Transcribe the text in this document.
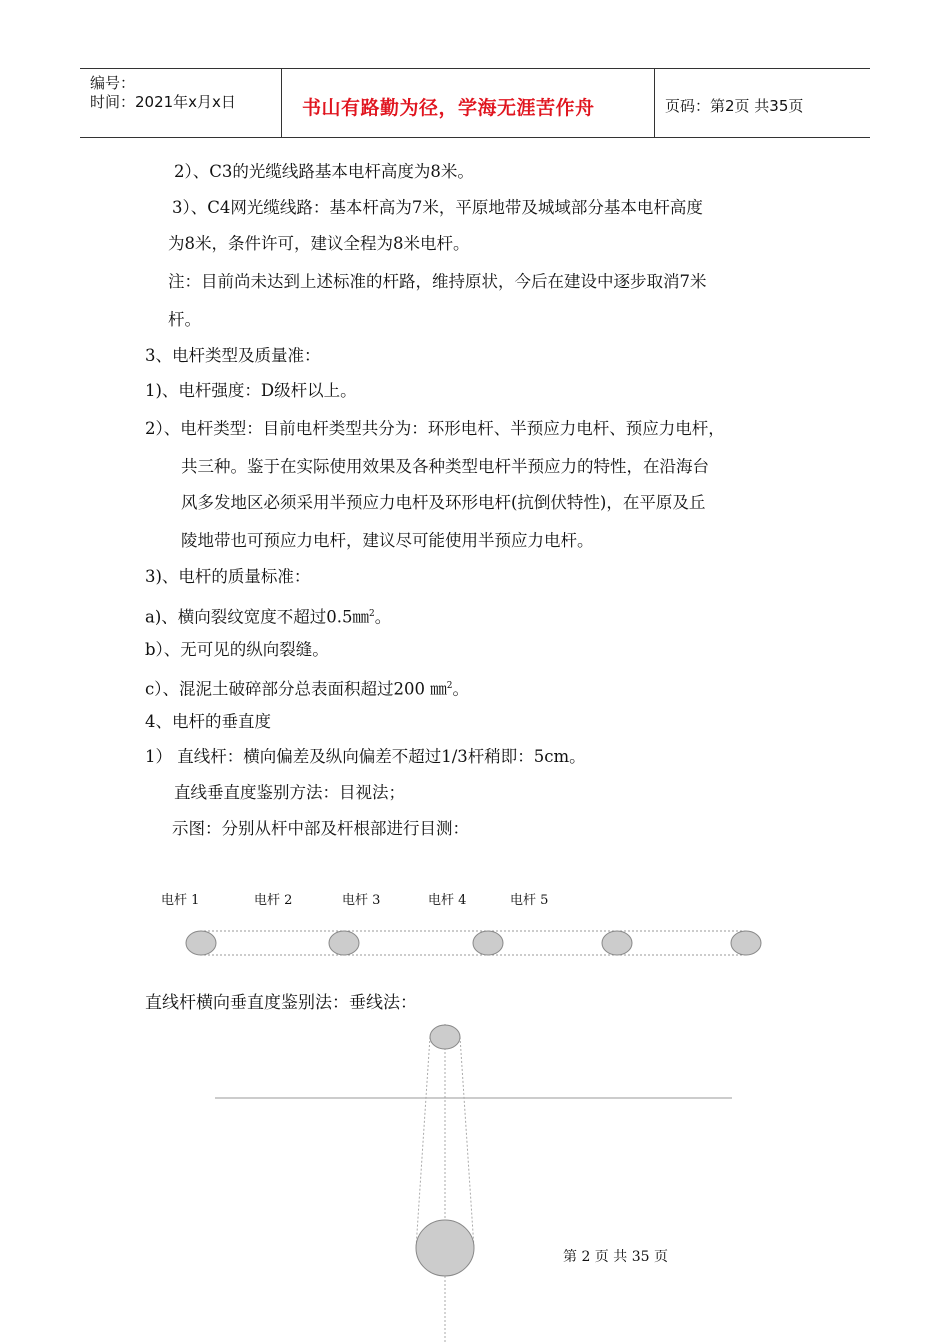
编号：
时间：2021年x月x日	书山有路勤为径，学海无涯苦作舟	页码：第2页 共35页
2）、C3的光缆线路基本电杆高度为8米。
3）、C4网光缆线路：基本杆高为7米，平原地带及城域部分基本电杆高度
为8米，条件许可，建议全程为8米电杆。
注：目前尚未达到上述标准的杆路，维持原状，今后在建设中逐步取消7米
杆。
3、电杆类型及质量准：
1)、电杆强度：D级杆以上。
2）、电杆类型：目前电杆类型共分为：环形电杆、半预应力电杆、预应力电杆，
共三种。鉴于在实际使用效果及各种类型电杆半预应力的特性，在沿海台
风多发地区必须采用半预应力电杆及环形电杆(抗倒伏特性)，在平原及丘
陵地带也可预应力电杆，建议尽可能使用半预应力电杆。
3)、电杆的质量标准：
a)、横向裂纹宽度不超过0.5㎜$^2$。
b）、无可见的纵向裂缝。
c）、混泥土破碎部分总表面积超过200 ㎜$^2$。
4、电杆的垂直度
1） 直线杆：横向偏差及纵向偏差不超过1/3杆稍即：5cm。
直线垂直度鉴别方法：目视法；
示图：分别从杆中部及杆根部进行目测：
电杆 1	电杆 2	电杆 3	电杆 4	电杆 5
直线杆横向垂直度鉴别法：垂线法：
第 2 页 共 35 页
